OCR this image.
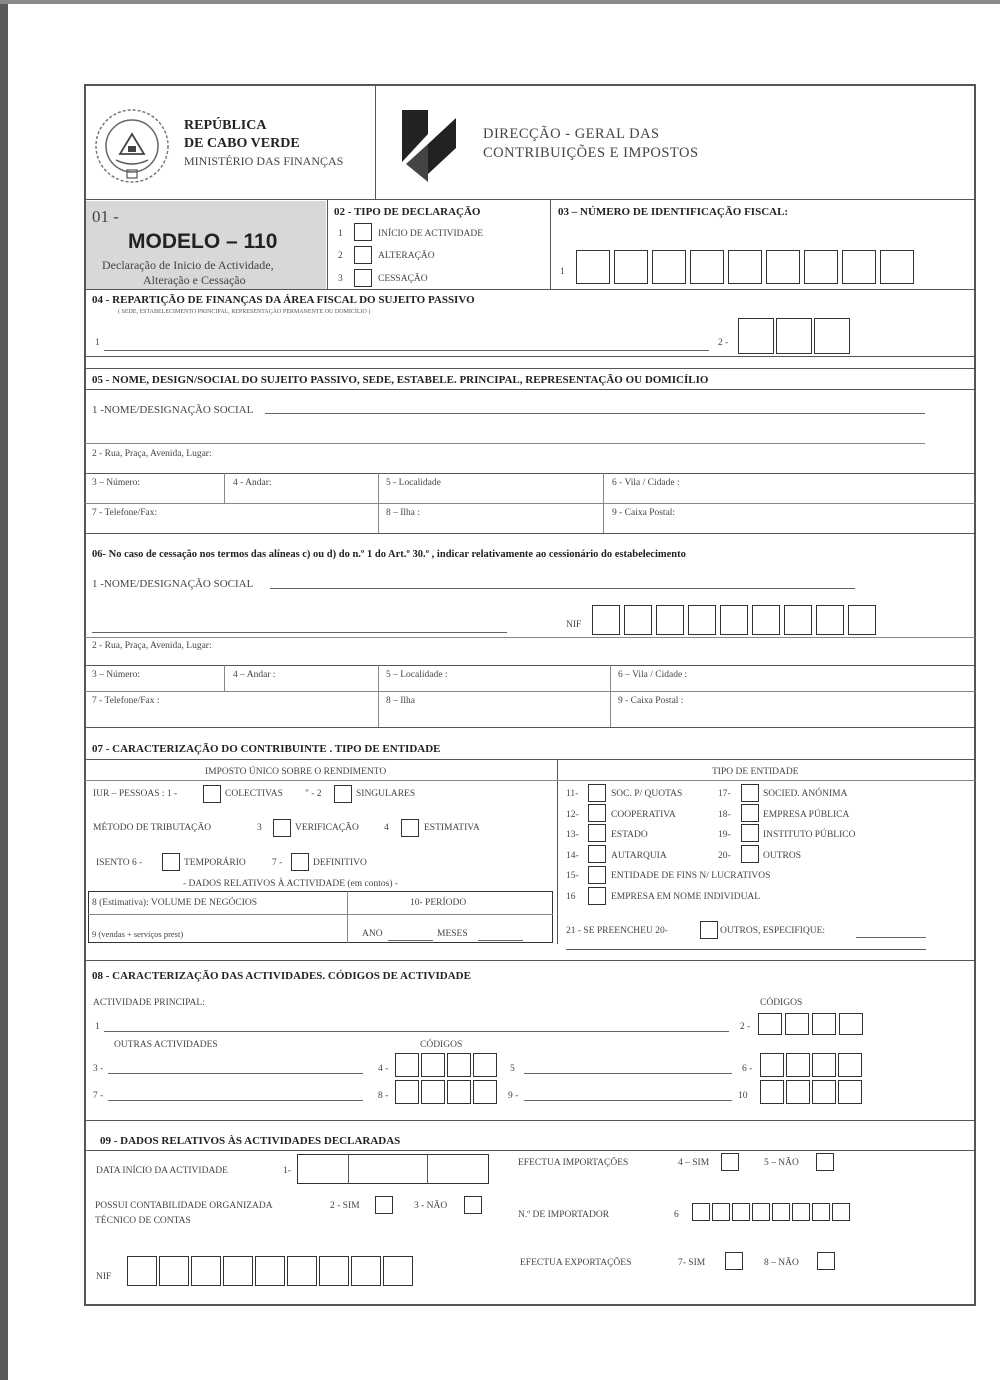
REPÚBLICA
DE CABO VERDE
MINISTÉRIO DAS FINANÇAS
DIRECÇÃO - GERAL DAS
CONTRIBUIÇÕES E IMPOSTOS
01 -
MODELO – 110
Declaração de Inicio de Actividade,
Alteração e Cessação
02 - TIPO DE DECLARAÇÃO
1	INÍCIO DE ACTIVIDADE
2	ALTERAÇÃO
3	CESSAÇÃO
03 – NÚMERO DE IDENTIFICAÇÃO FISCAL:
1
04 - REPARTIÇÃO DE FINANÇAS DA ÁREA FISCAL DO SUJEITO PASSIVO
( SEDE, ESTABELECIMENTO PRINCIPAL, REPRESENTAÇÃO PERMANENTE OU DOMICÍLIO )
1	2 -
05 - NOME, DESIGN/SOCIAL DO SUJEITO PASSIVO, SEDE, ESTABELE. PRINCIPAL, REPRESENTAÇÃO OU DOMICÍLIO
1 -NOME/DESIGNAÇÃO SOCIAL
2 - Rua, Praça, Avenida, Lugar:
3 – Número:	4 - Andar:	5 - Localidade	6 - Vila / Cidade :
7 - Telefone/Fax:	8 – Ilha :	9 - Caixa Postal:
06- No caso de cessação nos termos das alíneas c) ou d) do n.º 1 do Art.º 30.º , indicar relativamente ao cessionário do estabelecimento
1 -NOME/DESIGNAÇÃO SOCIAL
NIF
2 - Rua, Praça, Avenida, Lugar:
3 – Número:	4 – Andar :	5 – Localidade :	6 – Vila / Cidade :
7 - Telefone/Fax :	8 – Ilha	9 - Caixa Postal :
07 - CARACTERIZAÇÃO DO CONTRIBUINTE . TIPO DE ENTIDADE
IMPOSTO ÚNICO SOBRE O RENDIMENTO	TIPO DE ENTIDADE
IUR – PESSOAS : 1 -	COLECTIVAS " - 2	SINGULARES
MÉTODO DE TRIBUTAÇÃO	3	VERIFICAÇÃO	4	ESTIMATIVA
ISENTO 6 -	TEMPORÁRIO	7 -	DEFINITIVO
- DADOS RELATIVOS À ACTIVIDADE (em contos) -
8 (Estimativa): VOLUME DE NEGÓCIOS	10- PERÍODO
9 (vendas + serviços prest)	ANO	MESES
11-	SOC. P/ QUOTAS
12-	COOPERATIVA
13-	ESTADO
14-	AUTARQUIA
15-	ENTIDADE DE FINS N/ LUCRATIVOS
16	EMPRESA EM NOME INDIVIDUAL
17-	SOCIED. ANÓNIMA
18-	EMPRESA PÚBLICA
19-	INSTITUTO PÚBLICO
20-	OUTROS
21 - SE PREENCHEU 20-	OUTROS, ESPECIFIQUE:
08 - CARACTERIZAÇÃO DAS ACTIVIDADES. CÓDIGOS DE ACTIVIDADE
ACTIVIDADE PRINCIPAL:	CÓDIGOS
1	2 -
OUTRAS ACTIVIDADES	CÓDIGOS
3 -	4 -	5	6 -
7 -	8 -	9 -	10
09 - DADOS RELATIVOS ÀS ACTIVIDADES DECLARADAS
DATA INÍCIO DA ACTIVIDADE	1-
EFECTUA IMPORTAÇÕES	4 – SIM	5 – NÃO
POSSUI CONTABILIDADE ORGANIZADA	2 - SIM	3 - NÃO
TÉCNICO DE CONTAS
N.º DE IMPORTADOR	6
EFECTUA EXPORTAÇÕES	7- SIM	8 – NÃO
NIF
